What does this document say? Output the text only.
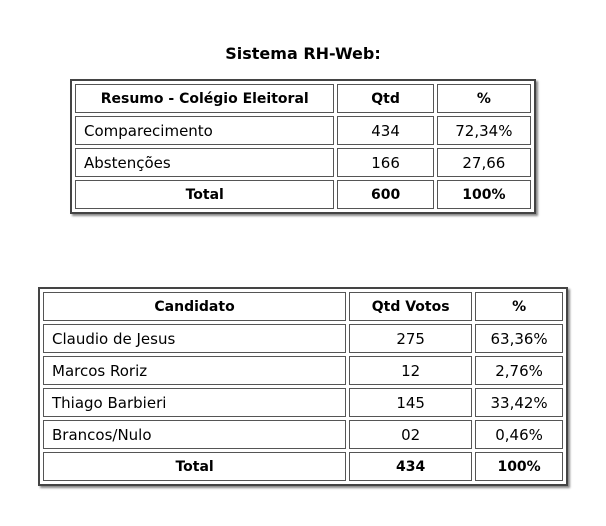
Sistema RH-Web:
Resumo - Colégio Eleitoral	Qtd	%
Comparecimento	434	72,34%
Abstenções	166	27,66
Total	600	100%
Candidato	Qtd Votos	%
Claudio de Jesus	275	63,36%
Marcos Roriz	12	2,76%
Thiago Barbieri	145	33,42%
Brancos/Nulo	02	0,46%
Total	434	100%
